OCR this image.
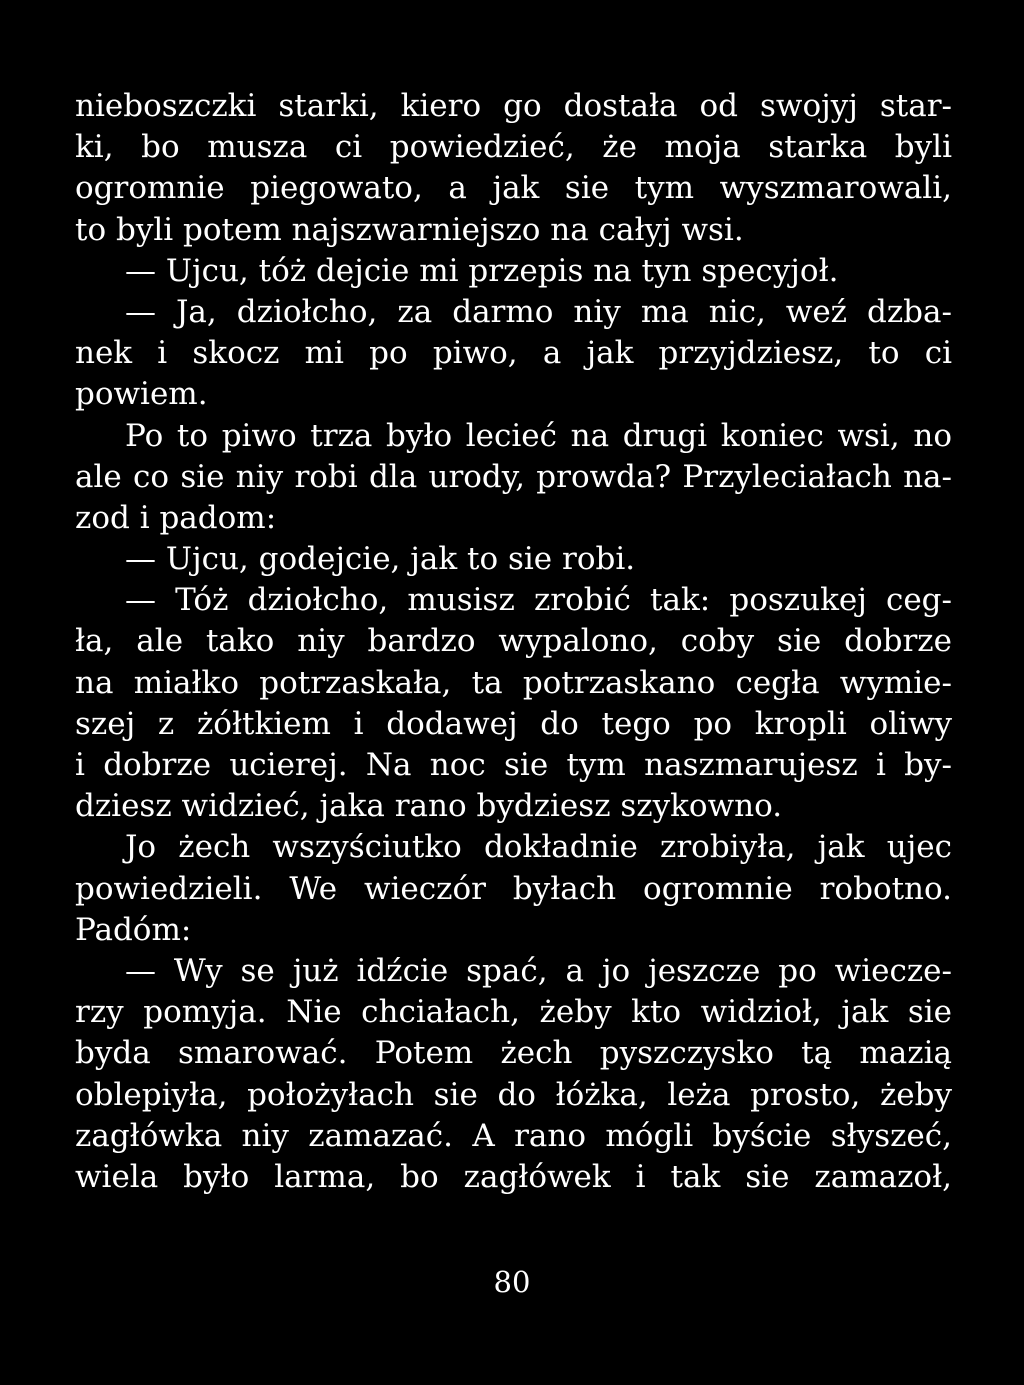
nieboszczki starki, kiero go dostała od swojyj star-
ki, bo musza ci powiedzieć, że moja starka byli
ogromnie piegowato, a jak sie tym wyszmarowali,
to byli potem najszwarniejszo na całyj wsi.
— Ujcu, tóż dejcie mi przepis na tyn specyjoł.
— Ja, dziołcho, za darmo niy ma nic, weź dzba-
nek i skocz mi po piwo, a jak przyjdziesz, to ci
powiem.
Po to piwo trza było lecieć na drugi koniec wsi, no
ale co sie niy robi dla urody, prowda? Przyleciałach na-
zod i padom:
— Ujcu, godejcie, jak to sie robi.
— Tóż dziołcho, musisz zrobić tak: poszukej ceg-
ła, ale tako niy bardzo wypalono, coby sie dobrze
na miałko potrzaskała, ta potrzaskano cegła wymie-
szej z żółtkiem i dodawej do tego po kropli oliwy
i dobrze ucierej. Na noc sie tym naszmarujesz i by-
dziesz widzieć, jaka rano bydziesz szykowno.
Jo żech wszyściutko dokładnie zrobiyła, jak ujec
powiedzieli. We wieczór byłach ogromnie robotno.
Padóm:
— Wy se już idźcie spać, a jo jeszcze po wiecze-
rzy pomyja. Nie chciałach, żeby kto widzioł, jak sie
byda smarować. Potem żech pyszczysko tą mazią
oblepiyła, położyłach sie do łóżka, leża prosto, żeby
zagłówka niy zamazać. A rano mógli byście słyszeć,
wiela było larma, bo zagłówek i tak sie zamazoł,
80
